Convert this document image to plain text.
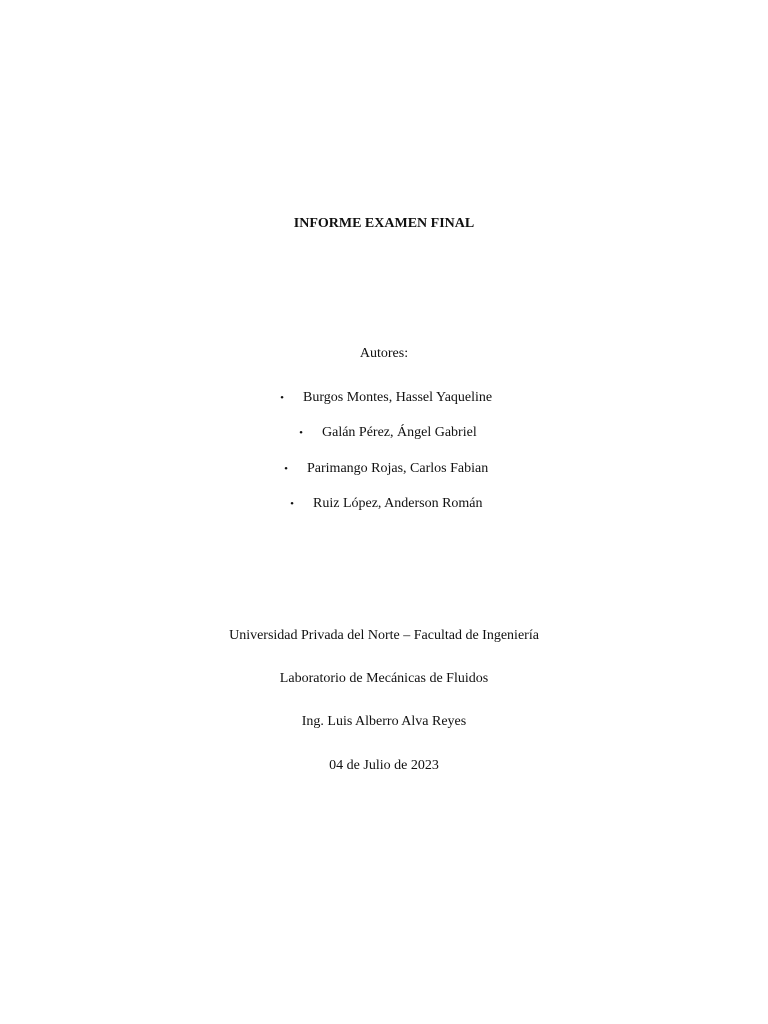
INFORME EXAMEN FINAL
Autores:
• Burgos Montes, Hassel Yaqueline
• Galán Pérez, Ángel Gabriel
• Parimango Rojas, Carlos Fabian
• Ruiz López, Anderson Román
Universidad Privada del Norte – Facultad de Ingeniería
Laboratorio de Mecánicas de Fluidos
Ing. Luis Alberro Alva Reyes
04 de Julio de 2023
